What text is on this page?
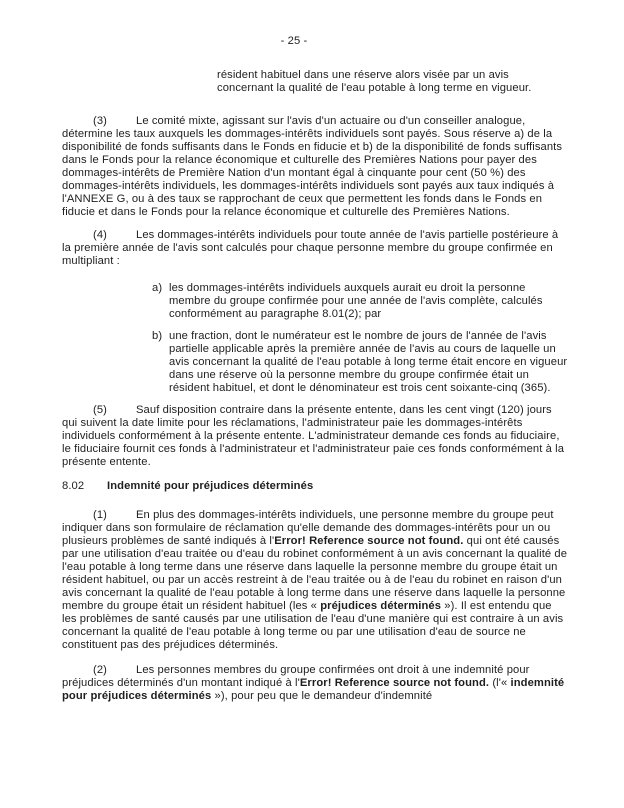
- 25 -
résident habituel dans une réserve alors visée par un avis concernant la qualité de l'eau potable à long terme en vigueur.

(3)	Le comité mixte, agissant sur l'avis d'un actuaire ou d'un conseiller analogue, détermine les taux auxquels les dommages-intérêts individuels sont payés. Sous réserve a) de la disponibilité de fonds suffisants dans le Fonds en fiducie et b) de la disponibilité de fonds suffisants dans le Fonds pour la relance économique et culturelle des Premières Nations pour payer des dommages-intérêts de Première Nation d'un montant égal à cinquante pour cent (50 %) des dommages-intérêts individuels, les dommages-intérêts individuels sont payés aux taux indiqués à l'ANNEXE G, ou à des taux se rapprochant de ceux que permettent les fonds dans le Fonds en fiducie et dans le Fonds pour la relance économique et culturelle des Premières Nations.

(4)	Les dommages-intérêts individuels pour toute année de l'avis partielle postérieure à la première année de l'avis sont calculés pour chaque personne membre du groupe confirmée en multipliant :

a) les dommages-intérêts individuels auxquels aurait eu droit la personne membre du groupe confirmée pour une année de l'avis complète, calculés conformément au paragraphe 8.01(2); par
b) une fraction, dont le numérateur est le nombre de jours de l'année de l'avis partielle applicable après la première année de l'avis au cours de laquelle un avis concernant la qualité de l'eau potable à long terme était encore en vigueur dans une réserve où la personne membre du groupe confirmée était un résident habituel, et dont le dénominateur est trois cent soixante-cinq (365).

(5)	Sauf disposition contraire dans la présente entente, dans les cent vingt (120) jours qui suivent la date limite pour les réclamations, l'administrateur paie les dommages-intérêts individuels conformément à la présente entente. L'administrateur demande ces fonds au fiduciaire, le fiduciaire fournit ces fonds à l'administrateur et l'administrateur paie ces fonds conformément à la présente entente.

8.02 Indemnité pour préjudices déterminés

(1)	En plus des dommages-intérêts individuels, une personne membre du groupe peut indiquer dans son formulaire de réclamation qu'elle demande des dommages-intérêts pour un ou plusieurs problèmes de santé indiqués à l'Error! Reference source not found. qui ont été causés par une utilisation d'eau traitée ou d'eau du robinet conformément à un avis concernant la qualité de l'eau potable à long terme dans une réserve dans laquelle la personne membre du groupe était un résident habituel, ou par un accès restreint à de l'eau traitée ou à de l'eau du robinet en raison d'un avis concernant la qualité de l'eau potable à long terme dans une réserve dans laquelle la personne membre du groupe était un résident habituel (les « préjudices déterminés »). Il est entendu que les problèmes de santé causés par une utilisation de l'eau d'une manière qui est contraire à un avis concernant la qualité de l'eau potable à long terme ou par une utilisation d'eau de source ne constituent pas des préjudices déterminés.

(2)	Les personnes membres du groupe confirmées ont droit à une indemnité pour préjudices déterminés d'un montant indiqué à l'Error! Reference source not found. (l'« indemnité pour préjudices déterminés »), pour peu que le demandeur d'indemnité
